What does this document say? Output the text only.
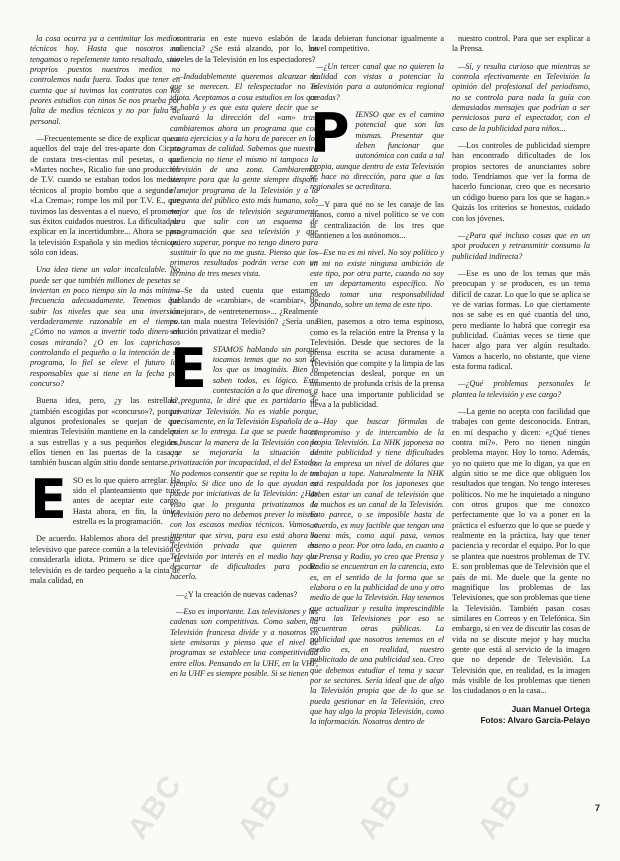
la cosa ocurra ya a centimitar los medios técnicos hoy. Hasta que nosotros no tengamos o repelemente tanto resaltado, sino proprios puestos nuestros medios no controlemos nada fuera. Todos que tener en cuenta que si tuvimos los contratos con los peores estudios con ninos Se nos prueba por falta de medios técnicos y no por falta de personal.

—Frecuentemente se dice de explicar que a aquellos del traje del tres-aparte don Cicuta de costara tres-cientas mil pesetas, o que «Martes noche», Ricalio fue uno producción de T.V. cuando se estaban todos los medios técnicos al propio bombo que a segundo a «La Crema»; rompe los mil por T.V. E., que tuvimos las desventas a el nuevo, el prometer sus éxitos cuidados nuestros. La dificultad de explicar en la incertidumbre... Ahora se pasa la televisión Española y sin medios técnicos, sólo con ideas.

Una idea tiene un valor incalculable. No puede ser que también millones de pesetas se inviertan en poco tiempo sin la más mínima frecuencia adecuadamente. Tenemos que subir los niveles que sea una inversión verdaderamente razonable en el tiempo. ¿Cómo no vamos a invertir todo dinero en cosas mirando? ¿O en los caprichosos controlando el pequeño o la intención de su programa, lo fiel se eleve el futuro los responsables que si tiene en la fecha por concurso?

Buena idea, pero, ¿y las estrellas?, ¿también escogidas por «concurso»?, porque algunos profesionales se quejan de que mientras Televisión mantiene en la candelera a sus estrellas y a sus pequeños elegidos, ellos tienen en las puertas de la casa y también buscan algún sitio donde sentarse.

ESO es lo que quiero arreglar. Ha sido el planteamiento que tuve antes de aceptar este cargo. Hasta ahora, en fin, la única estrella es la programación.

De acuerdo. Hablemos ahora del prestigio televisivo que parece común a la televisión o considerarla idiota. Primero se dice que la televisión es de tardeo pequeño a la cinta de mala calidad, en

contraria en este nuevo eslabón de la audiencia? ¿Se está alzando, por lo, los niveles de la Televisión en los espectadores?

—Indudablemente queremos alcanzar lo que se merecen. El telespectador no es idiota. Aceptamos a cosa estudios en los que se habla y es que esta quiere decir que se evaluará la dirección del «am» tras, cambiaremos ahora un programa que con canta ejercicios y a la hora de parecer en los programas de calidad. Sabemos que nuestra audiencia no tiene el mismo ni tampoco la televisión de una zona. Cambiaremos siempre para que la gente siempre dispone el mejor programa de la Televisión y a la pregunta del público esto más humano, solo mejor que los de televisión seguramente para que salir con un esquema de programación que sea televisión y que quiero superar, porque no tengo dinero para sustituir lo que no me gusta. Pienso que los primeros resultados podrán verse con un término de tres meses vista.

—Se da usted cuenta que estamos hablando de «cambiar», de «cambiar», de «mejorar», de «entretenernos»... ¿Realmente es tan mala nuestra Televisión? ¿Sería una solución privatizar el medio?

ESTAMOS hablando sin porque tocamos temas que no son de los que os imagináis. Bien lo saben todos, es lógico. Esta contestación a lo que diremos a la pregunta, le diré que es partidario de privatizar Televisión. No es viable porque, precisamente, en la Televisión Española de a quien se lo entrega. La que se puede hacer es buscar la manera de la Televisión con lo que se mejoraría la situación de privatización por incapacidad, el del Estado. No podemos consentir que se repita lo de un ejemplo. Si dice uno de lo que ayudan se puede por iniciativas de la Televisión: ¿Has visto que lo pregunta privatizamos la Televisión pero no debemos prever lo mismo con los escasos medios técnicos. Vamos a intentar que sirva, para eso está ahora la Televisión privada que quieren ese Televisión por interés en el medio hay que descartar de dificultades para poder hacerlo.

—¿Y la creación de nuevas cadenas?

—Eso es importante. Las televisiones y las cadenas son competitivas. Como saben, la Televisión francesa divide y a nosotros en siete emisoras y pienso que el nivel de programas se establece una competitividad entre ellos. Pensando en la UHF, en la VHF, en la UHF es siempre posible. Si se tienen

cada debieran funcionar igualmente a nivel competitivo.

—¿Un tercer canal que no quieren la realidad con vistas a potenciar la Televisión para a autonómica regional creadas?

PIENSO que es el camino potencial que son las mismas. Presentar que deben funcionar que autonómica con cada a tal propia, aunque dentro de esta Televisión se hace no dirección, para que a las regionales se acreditara.

—Y para qué no se les canaje de las manos, como a nivel político se ve con la centralización de los tres que mantienen a los autónomos...

—Ese no es mi nivel. No soy político y en mi no existe ninguna ambición de este tipo, por otra parte, cuando no soy en un departamento específico. No puedo tomar una responsabilidad opinando, sobre un tema de este tipo.

Bien, pasemos a otro tema espinoso, como es la relación entre la Prensa y la Televisión. Desde que sectores de la prensa escrita se acusa duramente a Televisión que compite y la limpia de las competencias desleal, porque en un momento de profunda crisis de la prensa se hace una importante publicidad se lleva a la publicidad.

—Hay que buscar fórmulas de compromiso y de intercambio de la propia Televisión. La NHK japonesa no admite publicidad y tiene dificultades con la empresa un nivel de dólares que trabajan a tope. Naturalmente la NHK está respaldada por los japoneses que deben estar un canal de televisión que de muchos es un canal de la Televisión. Esto parece, o se imposible hasta de acuerdo, es muy factible que tengan una buena más, como aquí pasa, vemos bueno o peor. Por otro lado, en cuanto a la Prensa y Radio, yo creo que Prensa y Radio se encuentran en la carencia, esto es, en el sentido de la forma que se elabora o en la publicidad de uno y otro medio de que la Televisión. Hay tenemos que actualizar y resulta imprescindible para las Televisiones por eso se encuentran otras públicas. La publicidad que nosotros tenemos en el medio es, en realidad, nuestro publicitado de una publicidad sea. Creo que debemos estudiar el tema y sacar por se sectores. Sería ideal que de algo la Televisión propia que de lo que se pueda gestionar en la Televisión, creo que hay algo la propia Televisión, como la información. Nosotros dentro de

nuestro control. Para que ser explicar a la Prensa.

—Sí, y resulta curioso que mientras se controla efectivamente en Televisión la opinión del profesional del periodismo, no se controla para nada la guía con demasiados mensajes que podrían a ser perniciosos para el espectador, con el caso de la publicidad para niños...

—Los controles de publicidad siempre han encontrado dificultades de los propios sectores de anunciantes sobre todo. Tendríamos que ver la forma de hacerlo funcionar, creo que es necesario un código bueno para los que se hagan.» Quizás los criterios se honestos, cuidado con los jóvenes.

—¿Para qué incluso cosas que en un spot producen y retransmitir consumo la publicidad indirecta?

—Ese es uno de los temas que más preocupan y se producen, es un tema difícil de cazar. Lo que lo que se aplica se ve de varias formas. Lo que ciertamente nos se sabe es en qué cuantía del uno, pero mediante lo habrá que corregir esa publicidad. Cuántas veces se tiene que hacer algo para ver algún resultado. Vamos a hacerlo, no obstante, que viene esta forma radical.

—¿Qué problemas personales le plantea la televisión y ese cargo?

—La gente no acepta con facilidad que trabajes con gente desconocida. Entran, en mí despacho y dicen: «¿Qué tienes contra mí?». Pero no tienen ningún problema mayor. Hoy lo tomo. Además, yo no quiero que me lo digan, ya que en algún sitio se me dice que obliguen los resultados que tengan. No tengo intereses políticos. No me he inquietado a ninguno con otros grupos que me conozco perfectamente que lo va a poner en la práctica el esfuerzo que lo que se puede y realmente en la práctica, hay que tener paciencia y recordar el equipo. Por lo que se plantea que nuestros problemas de TV. E. son problemas que de Televisión que el país de mi. Me duele que la gente no magnifique los problemas de las Televisiones, que son problemas que tiene la Televisión. También pasan cosas similares en Correos y en Telefónica. Sin embargo, si en vez de discutir las cosas de vida no se discute mejor y hay mucha gente que está al servicio de la imagen que no depende de Televisión. La Televisión que, en realidad, es la imagen más visible de los problemas que tienen los ciudadanos o en la casa...

Juan Manuel Ortega
Fotos: Alvaro García-Pelayo
7
ABC ABC ABC ABC
